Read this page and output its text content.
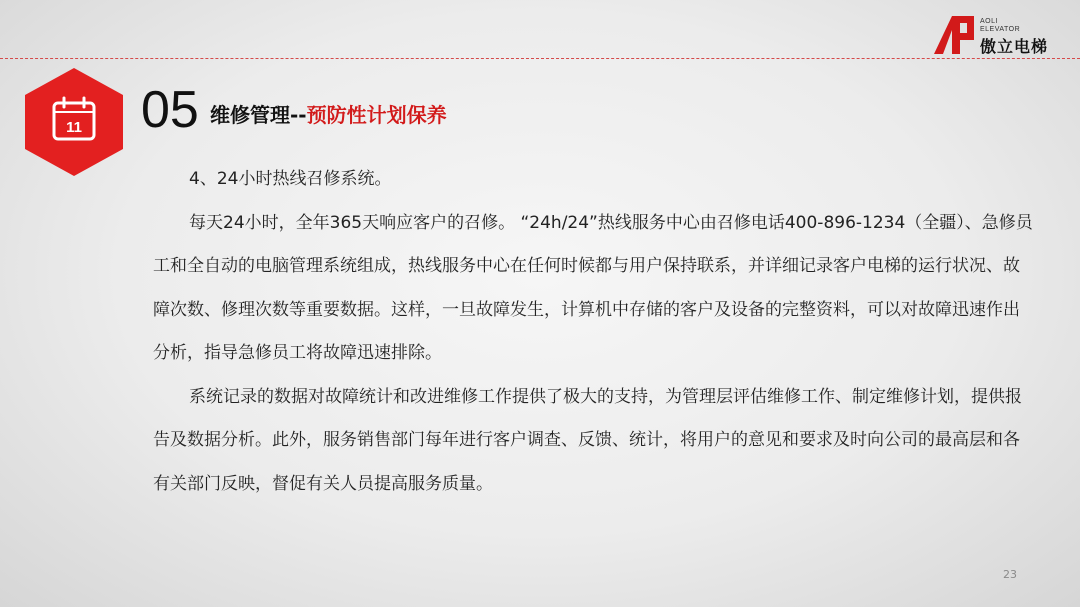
AOLI
ELEVATOR
傲立电梯
11 05 维修管理--预防性计划保养

4、24小时热线召修系统。

每天24小时，全年365天响应客户的召修。 “24h/24”热线服务中心由召修电话400-896-1234（全疆）、急修员工和全自动的电脑管理系统组成，热线服务中心在任何时候都与用户保持联系，并详细记录客户电梯的运行状况、故障次数、修理次数等重要数据。这样，一旦故障发生，计算机中存储的客户及设备的完整资料，可以对故障迅速作出分析，指导急修员工将故障迅速排除。

系统记录的数据对故障统计和改进维修工作提供了极大的支持，为管理层评估维修工作、制定维修计划，提供报告及数据分析。此外，服务销售部门每年进行客户调查、反馈、统计，将用户的意见和要求及时向公司的最高层和各有关部门反映，督促有关人员提高服务质量。

23
